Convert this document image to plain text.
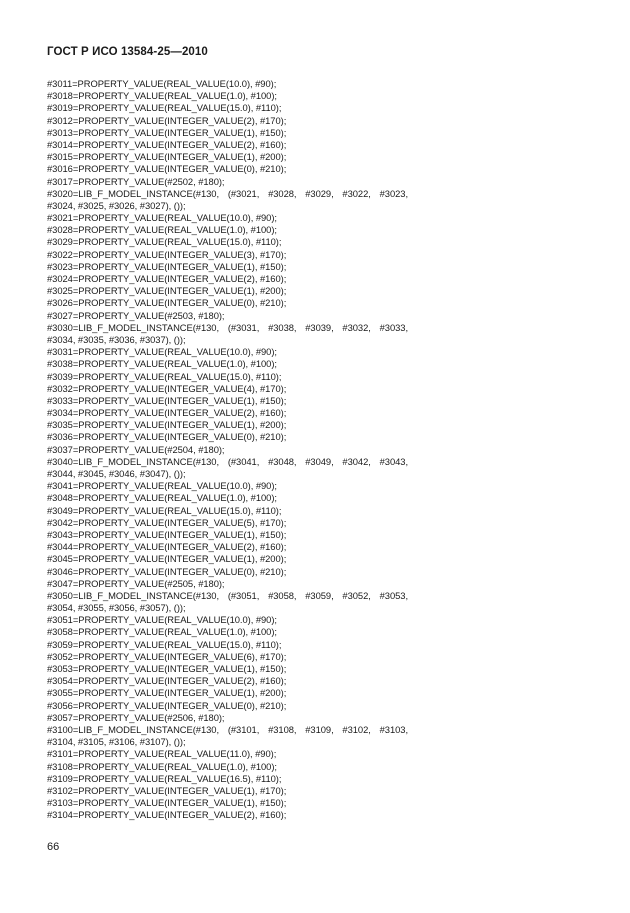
ГОСТ Р ИСО 13584-25—2010
#3011=PROPERTY_VALUE(REAL_VALUE(10.0), #90);
#3018=PROPERTY_VALUE(REAL_VALUE(1.0), #100);
#3019=PROPERTY_VALUE(REAL_VALUE(15.0), #110);
#3012=PROPERTY_VALUE(INTEGER_VALUE(2), #170);
#3013=PROPERTY_VALUE(INTEGER_VALUE(1), #150);
#3014=PROPERTY_VALUE(INTEGER_VALUE(2), #160);
#3015=PROPERTY_VALUE(INTEGER_VALUE(1), #200);
#3016=PROPERTY_VALUE(INTEGER_VALUE(0), #210);
#3017=PROPERTY_VALUE(#2502, #180);
#3020=LIB_F_MODEL_INSTANCE(#130, (#3021, #3028, #3029, #3022, #3023,
#3024, #3025, #3026, #3027), ());
#3021=PROPERTY_VALUE(REAL_VALUE(10.0), #90);
#3028=PROPERTY_VALUE(REAL_VALUE(1.0), #100);
#3029=PROPERTY_VALUE(REAL_VALUE(15.0), #110);
#3022=PROPERTY_VALUE(INTEGER_VALUE(3), #170);
#3023=PROPERTY_VALUE(INTEGER_VALUE(1), #150);
#3024=PROPERTY_VALUE(INTEGER_VALUE(2), #160);
#3025=PROPERTY_VALUE(INTEGER_VALUE(1), #200);
#3026=PROPERTY_VALUE(INTEGER_VALUE(0), #210);
#3027=PROPERTY_VALUE(#2503, #180);
#3030=LIB_F_MODEL_INSTANCE(#130, (#3031, #3038, #3039, #3032, #3033,
#3034, #3035, #3036, #3037), ());
#3031=PROPERTY_VALUE(REAL_VALUE(10.0), #90);
#3038=PROPERTY_VALUE(REAL_VALUE(1.0), #100);
#3039=PROPERTY_VALUE(REAL_VALUE(15.0), #110);
#3032=PROPERTY_VALUE(INTEGER_VALUE(4), #170);
#3033=PROPERTY_VALUE(INTEGER_VALUE(1), #150);
#3034=PROPERTY_VALUE(INTEGER_VALUE(2), #160);
#3035=PROPERTY_VALUE(INTEGER_VALUE(1), #200);
#3036=PROPERTY_VALUE(INTEGER_VALUE(0), #210);
#3037=PROPERTY_VALUE(#2504, #180);
#3040=LIB_F_MODEL_INSTANCE(#130, (#3041, #3048, #3049, #3042, #3043,
#3044, #3045, #3046, #3047), ());
#3041=PROPERTY_VALUE(REAL_VALUE(10.0), #90);
#3048=PROPERTY_VALUE(REAL_VALUE(1.0), #100);
#3049=PROPERTY_VALUE(REAL_VALUE(15.0), #110);
#3042=PROPERTY_VALUE(INTEGER_VALUE(5), #170);
#3043=PROPERTY_VALUE(INTEGER_VALUE(1), #150);
#3044=PROPERTY_VALUE(INTEGER_VALUE(2), #160);
#3045=PROPERTY_VALUE(INTEGER_VALUE(1), #200);
#3046=PROPERTY_VALUE(INTEGER_VALUE(0), #210);
#3047=PROPERTY_VALUE(#2505, #180);
#3050=LIB_F_MODEL_INSTANCE(#130, (#3051, #3058, #3059, #3052, #3053,
#3054, #3055, #3056, #3057), ());
#3051=PROPERTY_VALUE(REAL_VALUE(10.0), #90);
#3058=PROPERTY_VALUE(REAL_VALUE(1.0), #100);
#3059=PROPERTY_VALUE(REAL_VALUE(15.0), #110);
#3052=PROPERTY_VALUE(INTEGER_VALUE(6), #170);
#3053=PROPERTY_VALUE(INTEGER_VALUE(1), #150);
#3054=PROPERTY_VALUE(INTEGER_VALUE(2), #160);
#3055=PROPERTY_VALUE(INTEGER_VALUE(1), #200);
#3056=PROPERTY_VALUE(INTEGER_VALUE(0), #210);
#3057=PROPERTY_VALUE(#2506, #180);
#3100=LIB_F_MODEL_INSTANCE(#130, (#3101, #3108, #3109, #3102, #3103,
#3104, #3105, #3106, #3107), ());
#3101=PROPERTY_VALUE(REAL_VALUE(11.0), #90);
#3108=PROPERTY_VALUE(REAL_VALUE(1.0), #100);
#3109=PROPERTY_VALUE(REAL_VALUE(16.5), #110);
#3102=PROPERTY_VALUE(INTEGER_VALUE(1), #170);
#3103=PROPERTY_VALUE(INTEGER_VALUE(1), #150);
#3104=PROPERTY_VALUE(INTEGER_VALUE(2), #160);
66
